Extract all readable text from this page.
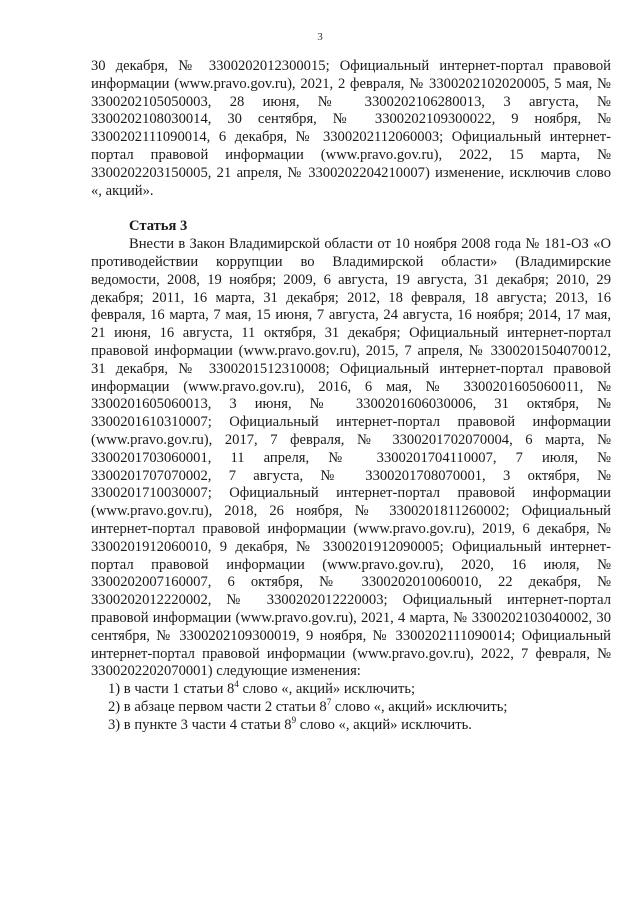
3

30 декабря, № 3300202012300015; Официальный интернет-портал правовой информации (www.pravo.gov.ru), 2021, 2 февраля, № 3300202102020005, 5 мая, № 3300202105050003, 28 июня, № 3300202106280013, 3 августа, № 3300202108030014, 30 сентября, № 3300202109300022, 9 ноября, № 3300202111090014, 6 декабря, № 3300202112060003; Официальный интернет-портал правовой информации (www.pravo.gov.ru), 2022, 15 марта, № 3300202203150005, 21 апреля, № 3300202204210007) изменение, исключив слово «, акций».

Статья 3

Внести в Закон Владимирской области от 10 ноября 2008 года № 181-ОЗ «О противодействии коррупции во Владимирской области» (Владимирские ведомости, 2008, 19 ноября; 2009, 6 августа, 19 августа, 31 декабря; 2010, 29 декабря; 2011, 16 марта, 31 декабря; 2012, 18 февраля, 18 августа; 2013, 16 февраля, 16 марта, 7 мая, 15 июня, 7 августа, 24 августа, 16 ноября; 2014, 17 мая, 21 июня, 16 августа, 11 октября, 31 декабря; Официальный интернет-портал правовой информации (www.pravo.gov.ru), 2015, 7 апреля, № 3300201504070012, 31 декабря, № 3300201512310008; Официальный интернет-портал правовой информации (www.pravo.gov.ru), 2016, 6 мая, № 3300201605060011, № 3300201605060013, 3 июня, № 3300201606030006, 31 октября, № 3300201610310007; Официальный интернет-портал правовой информации (www.pravo.gov.ru), 2017, 7 февраля, № 3300201702070004, 6 марта, № 3300201703060001, 11 апреля, № 3300201704110007, 7 июля, № 3300201707070002, 7 августа, № 3300201708070001, 3 октября, № 3300201710030007; Официальный интернет-портал правовой информации (www.pravo.gov.ru), 2018, 26 ноября, № 3300201811260002; Официальный интернет-портал правовой информации (www.pravo.gov.ru), 2019, 6 декабря, № 3300201912060010, 9 декабря, № 3300201912090005; Официальный интернет-портал правовой информации (www.pravo.gov.ru), 2020, 16 июля, № 3300202007160007, 6 октября, № 3300202010060010, 22 декабря, № 3300202012220002, № 3300202012220003; Официальный интернет-портал правовой информации (www.pravo.gov.ru), 2021, 4 марта, № 3300202103040002, 30 сентября, № 3300202109300019, 9 ноября, № 3300202111090014; Официальный интернет-портал правовой информации (www.pravo.gov.ru), 2022, 7 февраля, № 3300202202070001) следующие изменения:

1) в части 1 статьи $8^4$ слово «, акций» исключить;

2) в абзаце первом части 2 статьи $8^7$ слово «, акций» исключить;

3) в пункте 3 части 4 статьи $8^9$ слово «, акций» исключить.
